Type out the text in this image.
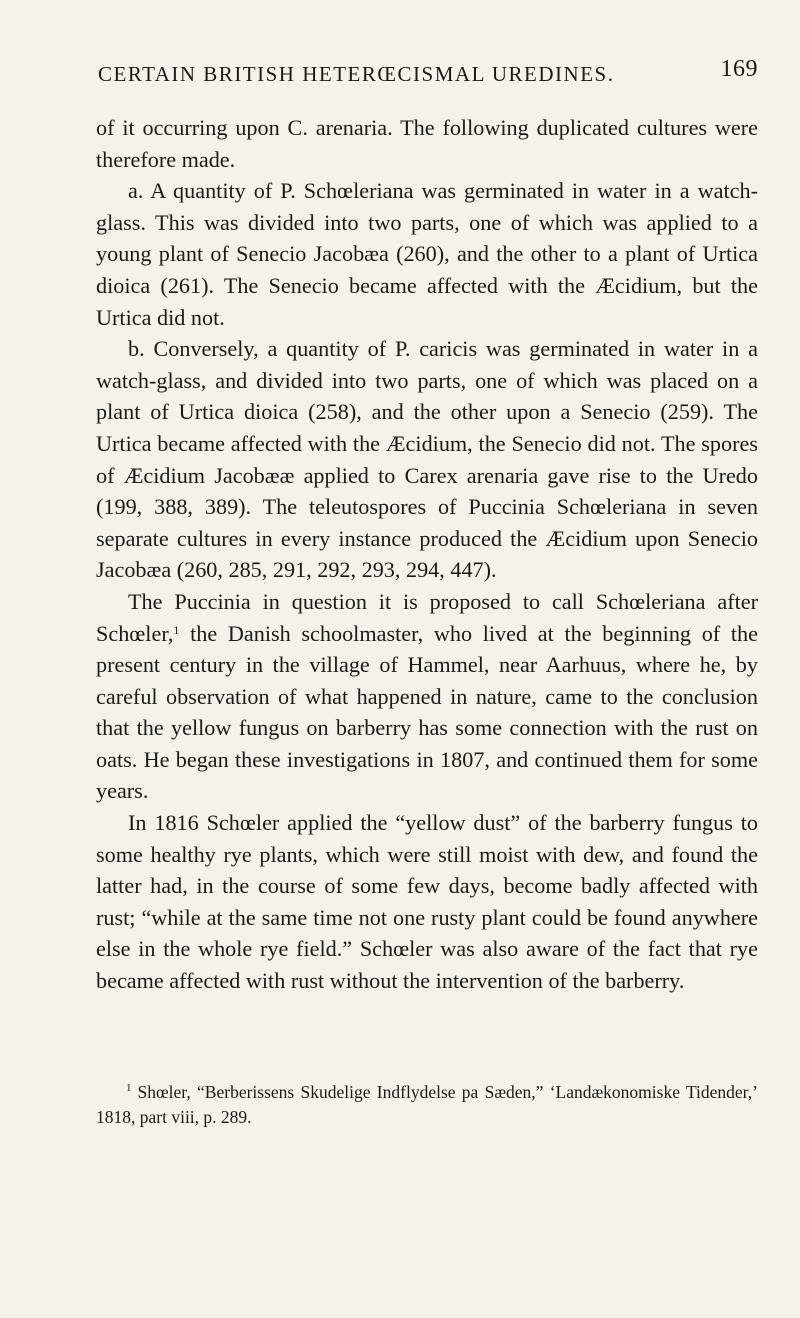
CERTAIN BRITISH HETERŒCISMAL UREDINES.	169

of it occurring upon C. arenaria. The following duplicated cultures were therefore made.

a. A quantity of P. Schœleriana was germinated in water in a watch-glass. This was divided into two parts, one of which was applied to a young plant of Senecio Jacobæa (260), and the other to a plant of Urtica dioica (261). The Senecio became affected with the Æcidium, but the Urtica did not.

b. Conversely, a quantity of P. caricis was germinated in water in a watch-glass, and divided into two parts, one of which was placed on a plant of Urtica dioica (258), and the other upon a Senecio (259). The Urtica became affected with the Æcidium, the Senecio did not. The spores of Æcidium Jacobææ applied to Carex arenaria gave rise to the Uredo (199, 388, 389). The teleutospores of Puccinia Schœleriana in seven separate cultures in every instance produced the Æcidium upon Senecio Jacobæa (260, 285, 291, 292, 293, 294, 447).

The Puccinia in question it is proposed to call Schœleriana after Schœler,$^1$ the Danish schoolmaster, who lived at the beginning of the present century in the village of Hammel, near Aarhuus, where he, by careful observation of what happened in nature, came to the conclusion that the yellow fungus on barberry has some connection with the rust on oats. He began these investigations in 1807, and continued them for some years.

In 1816 Schœler applied the “yellow dust” of the barberry fungus to some healthy rye plants, which were still moist with dew, and found the latter had, in the course of some few days, become badly affected with rust; “while at the same time not one rusty plant could be found anywhere else in the whole rye field.” Schœler was also aware of the fact that rye became affected with rust without the intervention of the barberry.

$^1$ Shœler, “Berberissens Skudelige Indflydelse pa Sæden,” ‘Landækonomiske Tidender,’ 1818, part viii, p. 289.
